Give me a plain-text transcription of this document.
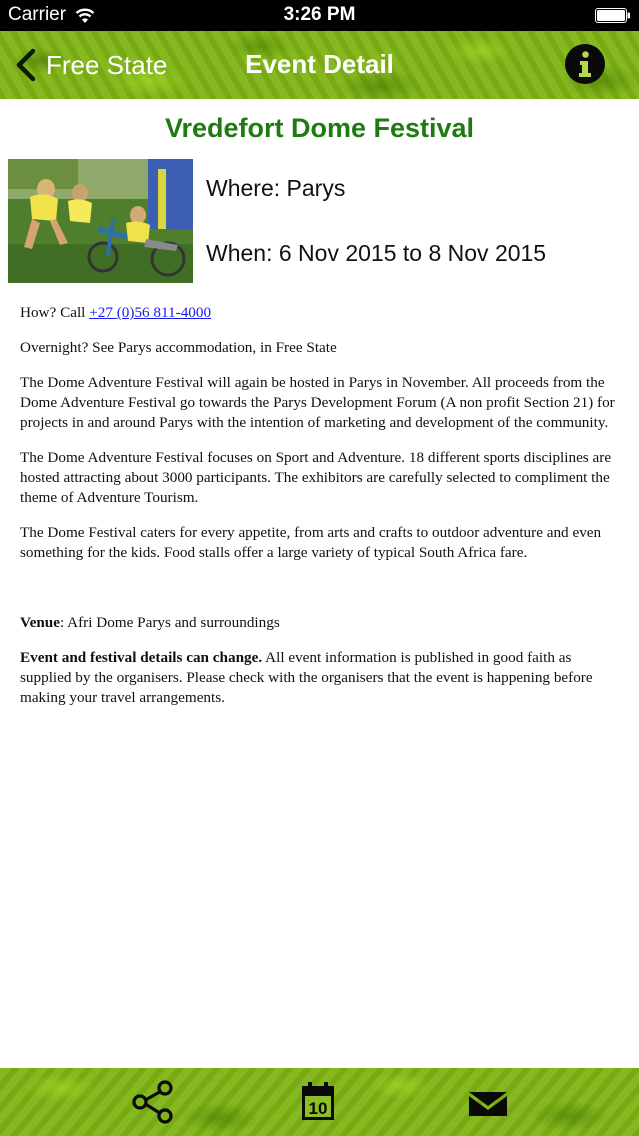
Carrier	3:26 PM
Free State	Event Detail
Vredefort Dome Festival
Where: Parys
When: 6 Nov 2015 to 8 Nov 2015

How? Call +27 (0)56 811-4000

Overnight? See Parys accommodation, in Free State

The Dome Adventure Festival will again be hosted in Parys in November. All proceeds from the Dome Adventure Festival go towards the Parys Development Forum (A non profit Section 21) for projects in and around Parys with the intention of marketing and development of the community.

The Dome Adventure Festival focuses on Sport and Adventure. 18 different sports disciplines are hosted attracting about 3000 participants. The exhibitors are carefully selected to compliment the theme of Adventure Tourism.

The Dome Festival caters for every appetite, from arts and crafts to outdoor adventure and even something for the kids. Food stalls offer a large variety of typical South Africa fare.

Venue: Afri Dome Parys and surroundings

Event and festival details can change. All event information is published in good faith as supplied by the organisers. Please check with the organisers that the event is happening before making your travel arrangements.

10
